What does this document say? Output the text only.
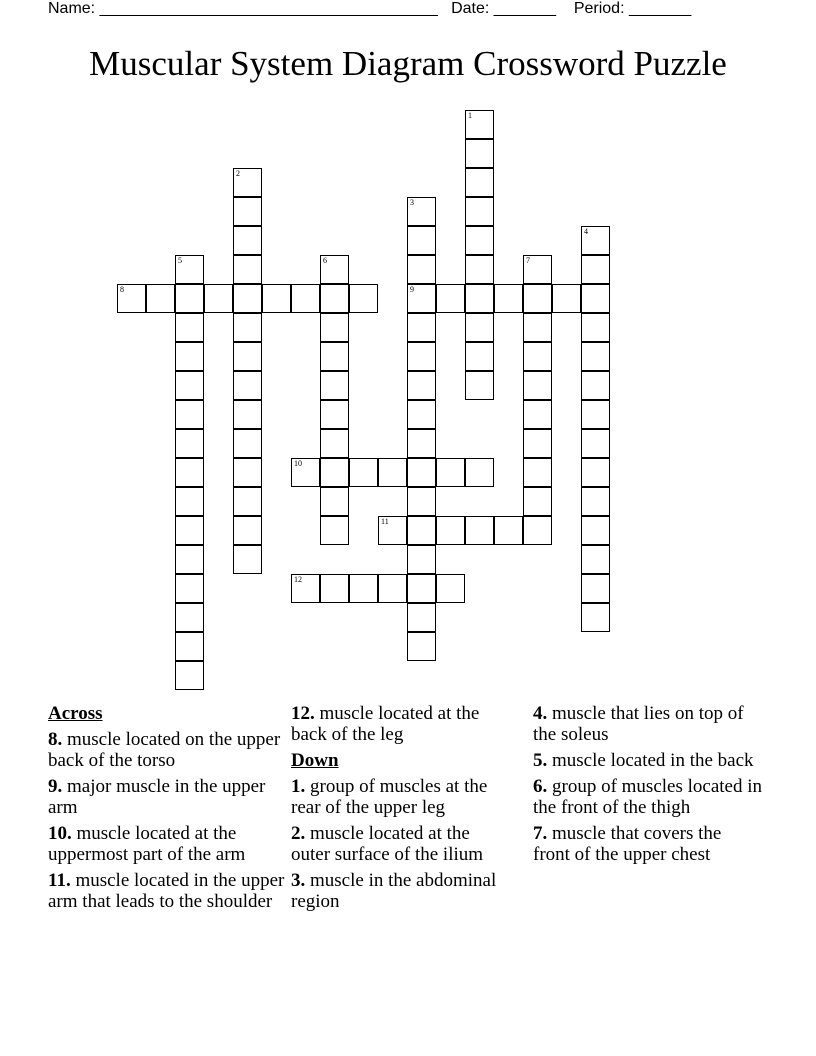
Name: ______________________________________ Date: _______ Period: _______
Muscular System Diagram Crossword Puzzle
1
2
3
9
4
5	6	7
8
10
11
12
Across
8. muscle located on the upper back of the torso
9. major muscle in the upper arm
10. muscle located at the uppermost part of the arm
11. muscle located in the upper arm that leads to the shoulder
12. muscle located at the back of the leg
Down
1. group of muscles at the rear of the upper leg
2. muscle located at the outer surface of the ilium
3. muscle in the abdominal region
4. muscle that lies on top of the soleus
5. muscle located in the back
6. group of muscles located in the front of the thigh
7. muscle that covers the front of the upper chest
